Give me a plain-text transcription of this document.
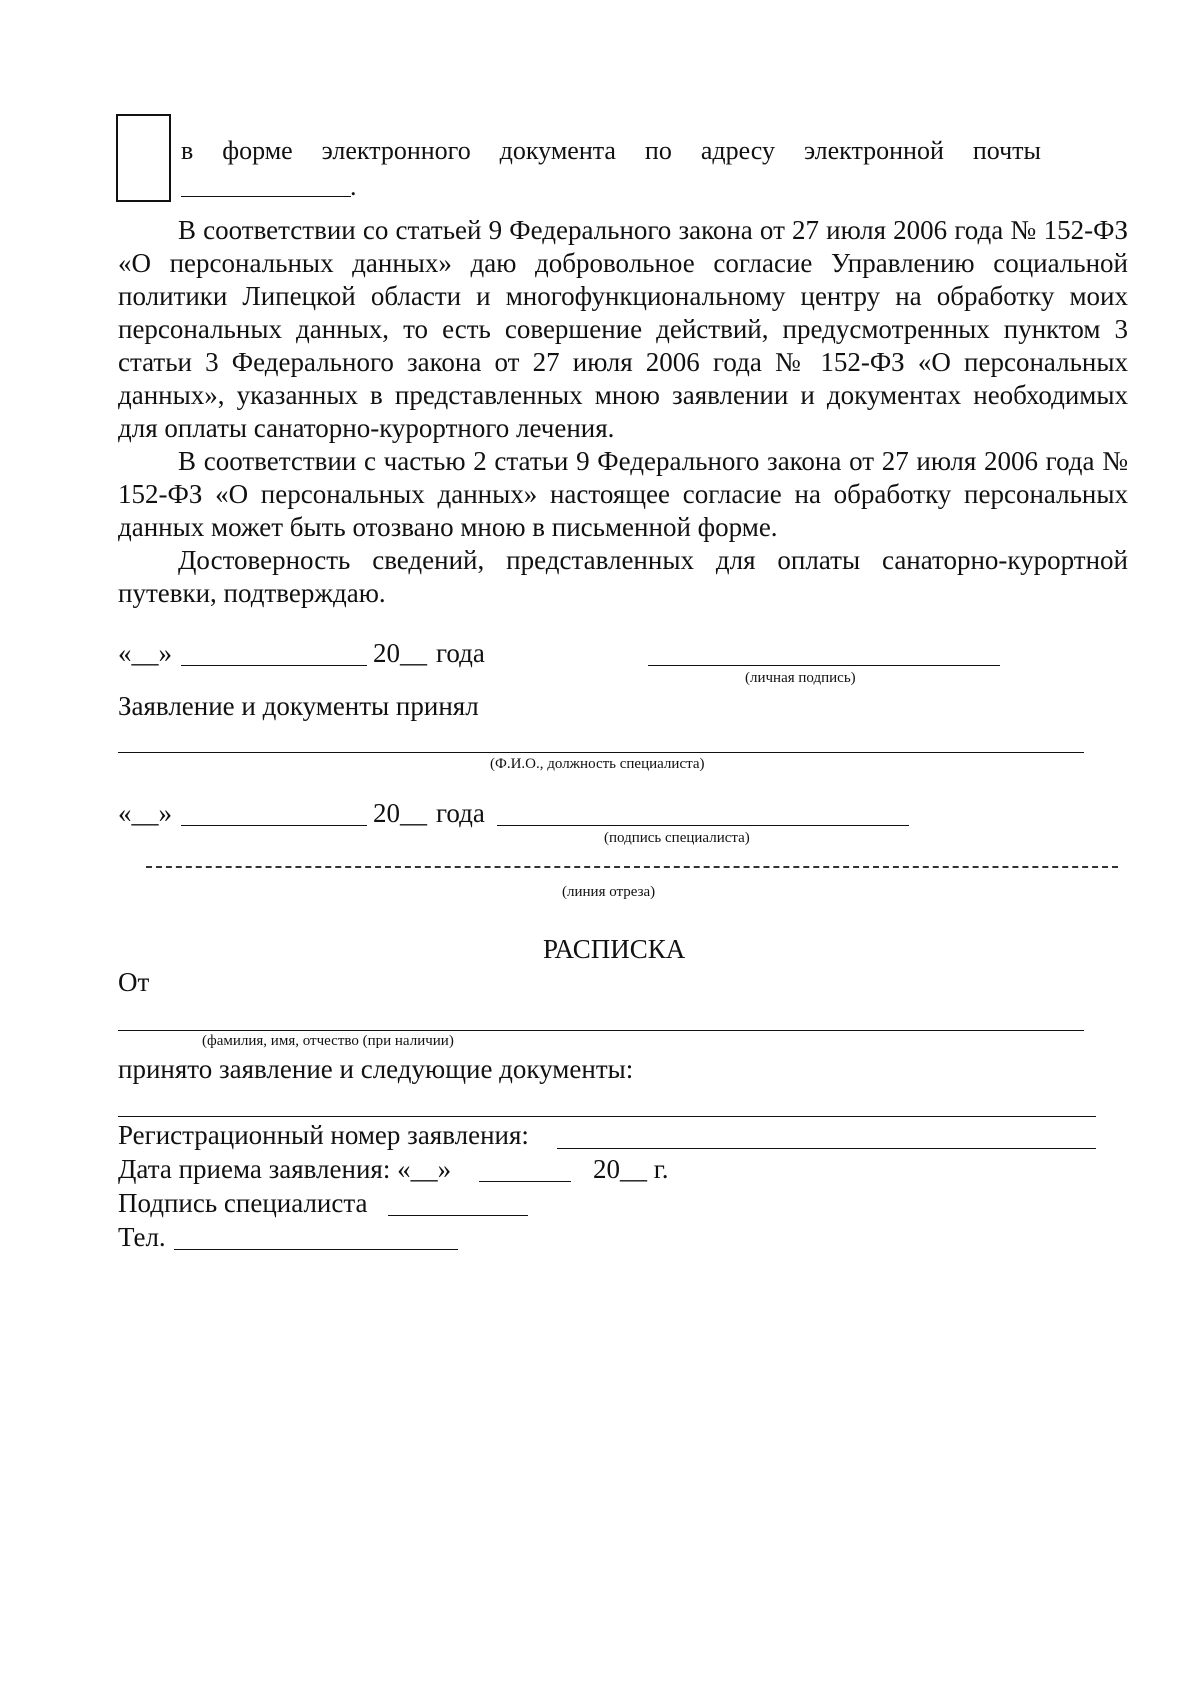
в форме электронного документа по адресу электронной почты
.

В соответствии со статьей 9 Федерального закона от 27 июля 2006 года № 152-ФЗ «О персональных данных» даю добровольное согласие Управлению социальной политики Липецкой области и многофункциональному центру на обработку моих персональных данных, то есть совершение действий, предусмотренных пунктом 3 статьи 3 Федерального закона от 27 июля 2006 года № 152-ФЗ «О персональных данных», указанных в представленных мною заявлении и документах необходимых для оплаты санаторно-курортного лечения.

В соответствии с частью 2 статьи 9 Федерального закона от 27 июля 2006 года № 152-ФЗ «О персональных данных» настоящее согласие на обработку персональных данных может быть отозвано мною в письменной форме.

Достоверность сведений, представленных для оплаты санаторно-курортной путевки, подтверждаю.

«__»	20__ года
(личная подпись)
Заявление и документы принял
(Ф.И.О., должность специалиста)
«__»	20__ года
(подпись специалиста)
(линия отреза)
РАСПИСКА
От
(фамилия, имя, отчество (при наличии)
принято заявление и следующие документы:
Регистрационный номер заявления:
Дата приема заявления: «__»	20__ г.
Подпись специалиста
Тел.
